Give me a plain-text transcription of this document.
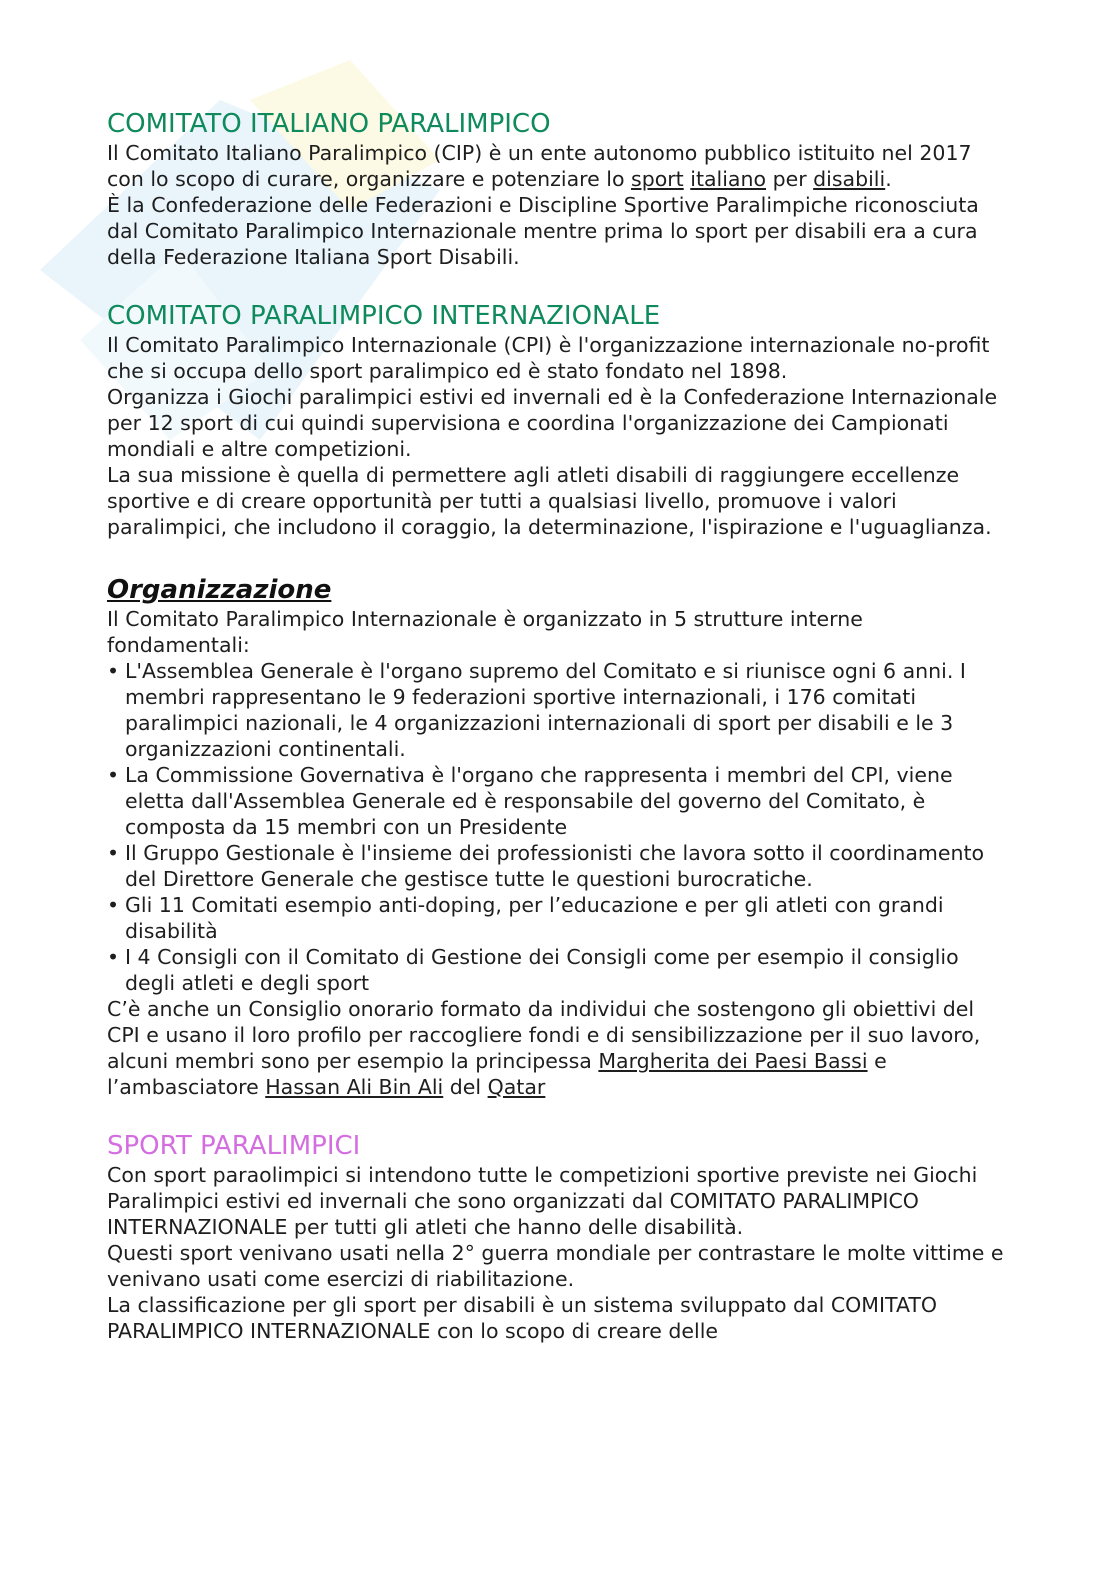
COMITATO ITALIANO PARALIMPICO

Il Comitato Italiano Paralimpico (CIP) è un ente autonomo pubblico istituito nel 2017 con lo scopo di curare, organizzare e potenziare lo sport italiano per disabili.

È la Confederazione delle Federazioni e Discipline Sportive Paralimpiche riconosciuta dal Comitato Paralimpico Internazionale mentre prima lo sport per disabili era a cura della Federazione Italiana Sport Disabili.

COMITATO PARALIMPICO INTERNAZIONALE

Il Comitato Paralimpico Internazionale (CPI) è l'organizzazione internazionale no-profit che si occupa dello sport paralimpico ed è stato fondato nel 1898.

Organizza i Giochi paralimpici estivi ed invernali ed è la Confederazione Internazionale per 12 sport di cui quindi supervisiona e coordina l'organizzazione dei Campionati mondiali e altre competizioni.

La sua missione è quella di permettere agli atleti disabili di raggiungere eccellenze sportive e di creare opportunità per tutti a qualsiasi livello, promuove i valori paralimpici, che includono il coraggio, la determinazione, l'ispirazione e l'uguaglianza.

Organizzazione

Il Comitato Paralimpico Internazionale è organizzato in 5 strutture interne fondamentali:

• L'Assemblea Generale è l'organo supremo del Comitato e si riunisce ogni 6 anni. I membri rappresentano le 9 federazioni sportive internazionali, i 176 comitati paralimpici nazionali, le 4 organizzazioni internazionali di sport per disabili e le 3 organizzazioni continentali.
• La Commissione Governativa è l'organo che rappresenta i membri del CPI, viene eletta dall'Assemblea Generale ed è responsabile del governo del Comitato, è composta da 15 membri con un Presidente
• Il Gruppo Gestionale è l'insieme dei professionisti che lavora sotto il coordinamento del Direttore Generale che gestisce tutte le questioni burocratiche.
• Gli 11 Comitati esempio anti-doping, per l’educazione e per gli atleti con grandi disabilità
• I 4 Consigli con il Comitato di Gestione dei Consigli come per esempio il consiglio degli atleti e degli sport

C’è anche un Consiglio onorario formato da individui che sostengono gli obiettivi del CPI e usano il loro profilo per raccogliere fondi e di sensibilizzazione per il suo lavoro, alcuni membri sono per esempio la principessa Margherita dei Paesi Bassi e l’ambasciatore Hassan Ali Bin Ali del Qatar

SPORT PARALIMPICI

Con sport paraolimpici si intendono tutte le competizioni sportive previste nei Giochi Paralimpici estivi ed invernali che sono organizzati dal COMITATO PARALIMPICO INTERNAZIONALE per tutti gli atleti che hanno delle disabilità.

Questi sport venivano usati nella 2° guerra mondiale per contrastare le molte vittime e venivano usati come esercizi di riabilitazione.

La classificazione per gli sport per disabili è un sistema sviluppato dal COMITATO PARALIMPICO INTERNAZIONALE con lo scopo di creare delle
